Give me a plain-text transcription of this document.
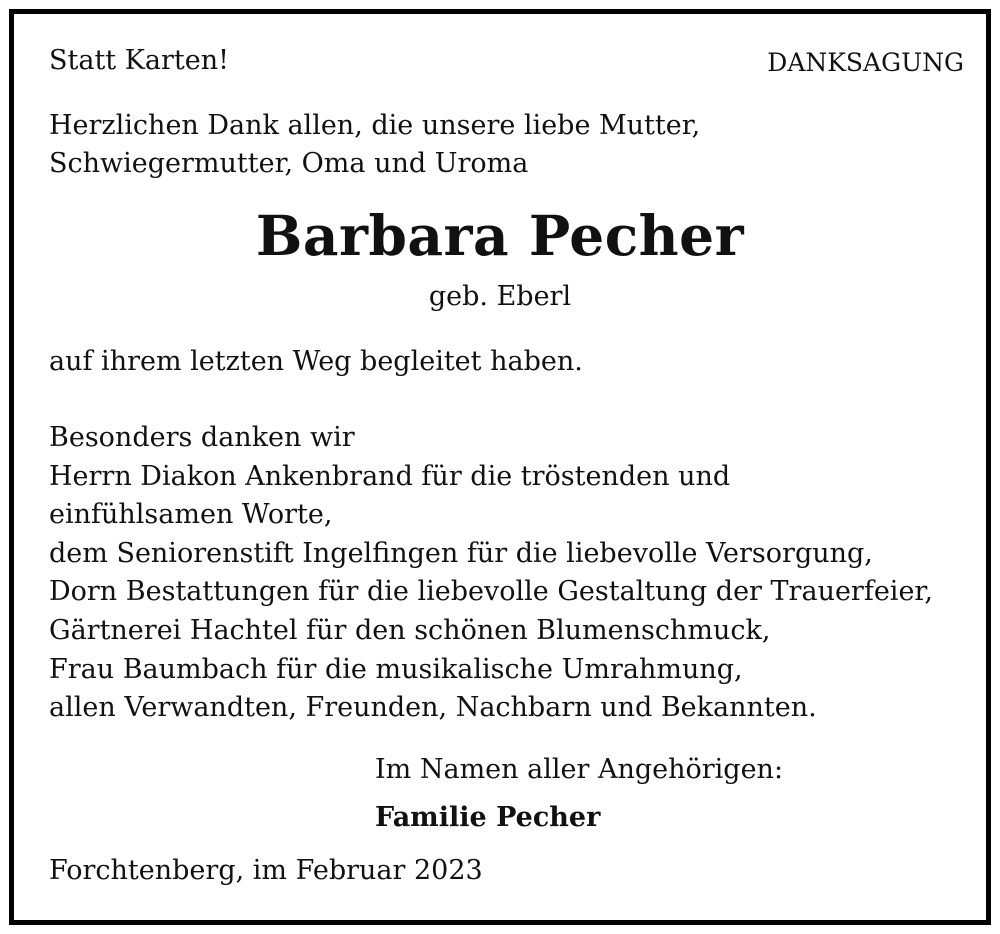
Statt Karten!	DANKSAGUNG
Herzlichen Dank allen, die unsere liebe Mutter,
Schwiegermutter, Oma und Uroma
Barbara Pecher
geb. Eberl
auf ihrem letzten Weg begleitet haben.
Besonders danken wir
Herrn Diakon Ankenbrand für die tröstenden und
einfühlsamen Worte,
dem Seniorenstift Ingelfingen für die liebevolle Versorgung,
Dorn Bestattungen für die liebevolle Gestaltung der Trauerfeier,
Gärtnerei Hachtel für den schönen Blumenschmuck,
Frau Baumbach für die musikalische Umrahmung,
allen Verwandten, Freunden, Nachbarn und Bekannten.
Im Namen aller Angehörigen:
Familie Pecher
Forchtenberg, im Februar 2023
